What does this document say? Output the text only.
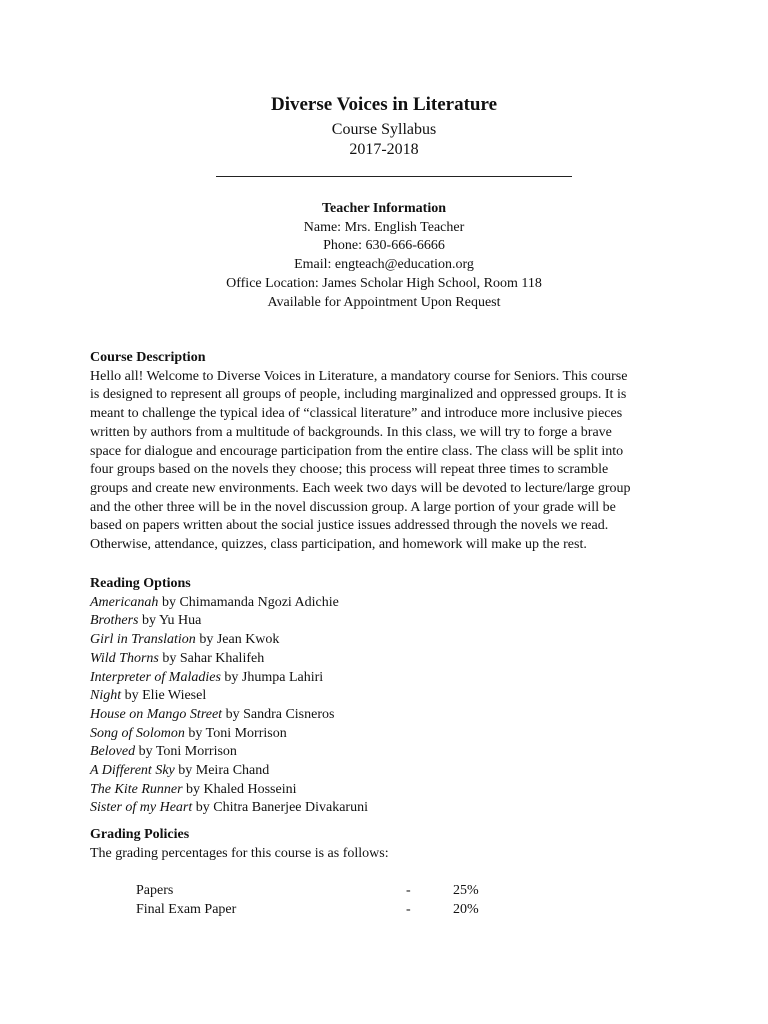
Diverse Voices in Literature
Course Syllabus
2017-2018
Teacher Information
Name: Mrs. English Teacher
Phone: 630-666-6666
Email: engteach@education.org
Office Location: James Scholar High School, Room 118
Available for Appointment Upon Request
Course Description
Hello all! Welcome to Diverse Voices in Literature, a mandatory course for Seniors. This course
is designed to represent all groups of people, including marginalized and oppressed groups. It is
meant to challenge the typical idea of “classical literature” and introduce more inclusive pieces
written by authors from a multitude of backgrounds. In this class, we will try to forge a brave
space for dialogue and encourage participation from the entire class. The class will be split into
four groups based on the novels they choose; this process will repeat three times to scramble
groups and create new environments. Each week two days will be devoted to lecture/large group
and the other three will be in the novel discussion group. A large portion of your grade will be
based on papers written about the social justice issues addressed through the novels we read.
Otherwise, attendance, quizzes, class participation, and homework will make up the rest.
Reading Options
Americanah by Chimamanda Ngozi Adichie
Brothers by Yu Hua
Girl in Translation by Jean Kwok
Wild Thorns by Sahar Khalifeh
Interpreter of Maladies by Jhumpa Lahiri
Night by Elie Wiesel
House on Mango Street by Sandra Cisneros
Song of Solomon by Toni Morrison
Beloved by Toni Morrison
A Different Sky by Meira Chand
The Kite Runner by Khaled Hosseini
Sister of my Heart by Chitra Banerjee Divakaruni
Grading Policies
The grading percentages for this course is as follows:
Papers	-	25%
Final Exam Paper	-	20%
